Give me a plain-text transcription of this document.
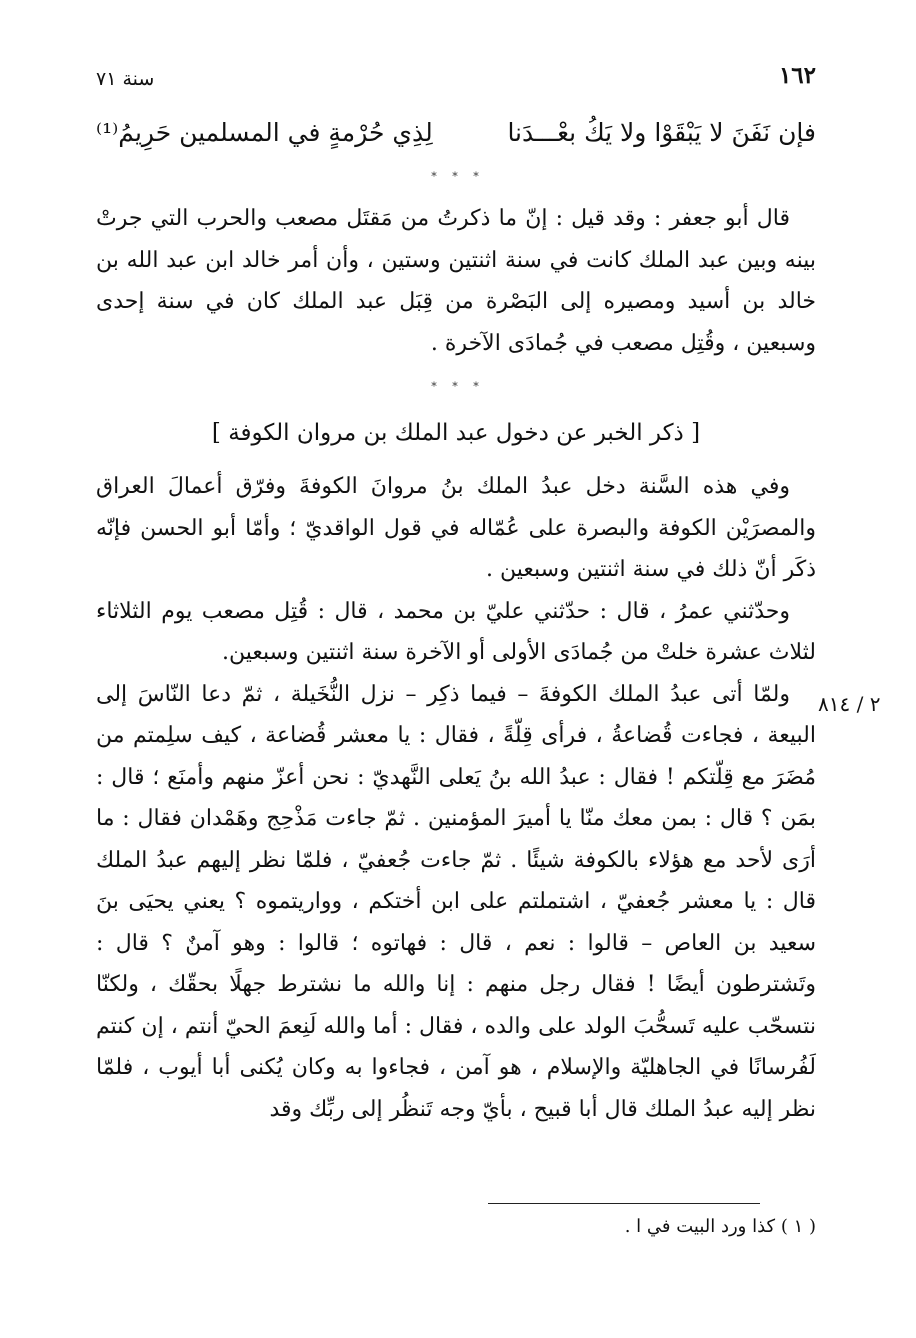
سنة ٧١	١٦٢
فإن نَفَنَ لا يَبْقَوْا ولا يَكُ بعْـــدَنا
لِذِي حُرْمةٍ في المسلمين حَرِيمُ⁽¹⁾
* * *

قال أبو جعفر : وقد قيل : إنّ ما ذكرتُ من مَقتَل مصعب والحرب التي جرتْ بينه وبين عبد الملك كانت في سنة اثنتين وستين ، وأن أمر خالد ابن عبد الله بن خالد بن أسيد ومصيره إلى البَصْرة من قِبَل عبد الملك كان في سنة إحدى وسبعين ، وقُتِل مصعب في جُمادَى الآخرة .

* * *
[ ذكر الخبر عن دخول عبد الملك بن مروان الكوفة ]

وفي هذه السَّنة دخل عبدُ الملك بنُ مروانَ الكوفةَ وفرّق أعمالَ العراق والمصرَيْن الكوفة والبصرة على عُمّاله في قول الواقديّ ؛ وأمّا أبو الحسن فإنّه ذكَر أنّ ذلك في سنة اثنتين وسبعين .

وحدّثني عمرُ ، قال : حدّثني عليّ بن محمد ، قال : قُتِل مصعب يوم الثلاثاء لثلاث عشرة خلتْ من جُمادَى الأولى أو الآخرة سنة اثنتين وسبعين.

ولمّا أتى عبدُ الملك الكوفةَ – فيما ذكِر – نزل النُّخَيلة ، ثمّ دعا النّاسَ إلى البيعة ، فجاءت قُضاعةُ ، فرأى قِلّةً ، فقال : يا معشر قُضاعة ، كيف سلِمتم من مُضَرَ مع قِلّتكم ! فقال : عبدُ الله بنُ يَعلى النَّهديّ : نحن أعزّ منهم وأمنَع ؛ قال : بمَن ؟ قال : بمن معك منّا يا أميرَ المؤمنين . ثمّ جاءت مَذْحِج وهَمْدان فقال : ما أرَى لأحد مع هؤلاء بالكوفة شيئًا . ثمّ جاءت جُعفيّ ، فلمّا نظر إليهم عبدُ الملك قال : يا معشر جُعفيّ ، اشتملتم على ابن أختكم ، وواريتموه ؟ يعني يحيَى بنَ سعيد بن العاص – قالوا : نعم ، قال : فهاتوه ؛ قالوا : وهو آمنٌ ؟ قال : وتَشترطون أيضًا ! فقال رجل منهم : إنا والله ما نشترط جهلًا بحقّك ، ولكنّا نتسحّب عليه تَسحُّبَ الولد على والده ، فقال : أما والله لَنِعمَ الحيّ أنتم ، إن كنتم لَفُرسانًا في الجاهليّة والإسلام ، هو آمن ، فجاءوا به وكان يُكنى أبا أيوب ، فلمّا نظر إليه عبدُ الملك قال أبا قبيح ، بأيّ وجه تَنظُر إلى ربِّك وقد

٢ / ٨١٤
( ١ ) كذا ورد البيت في ا .
